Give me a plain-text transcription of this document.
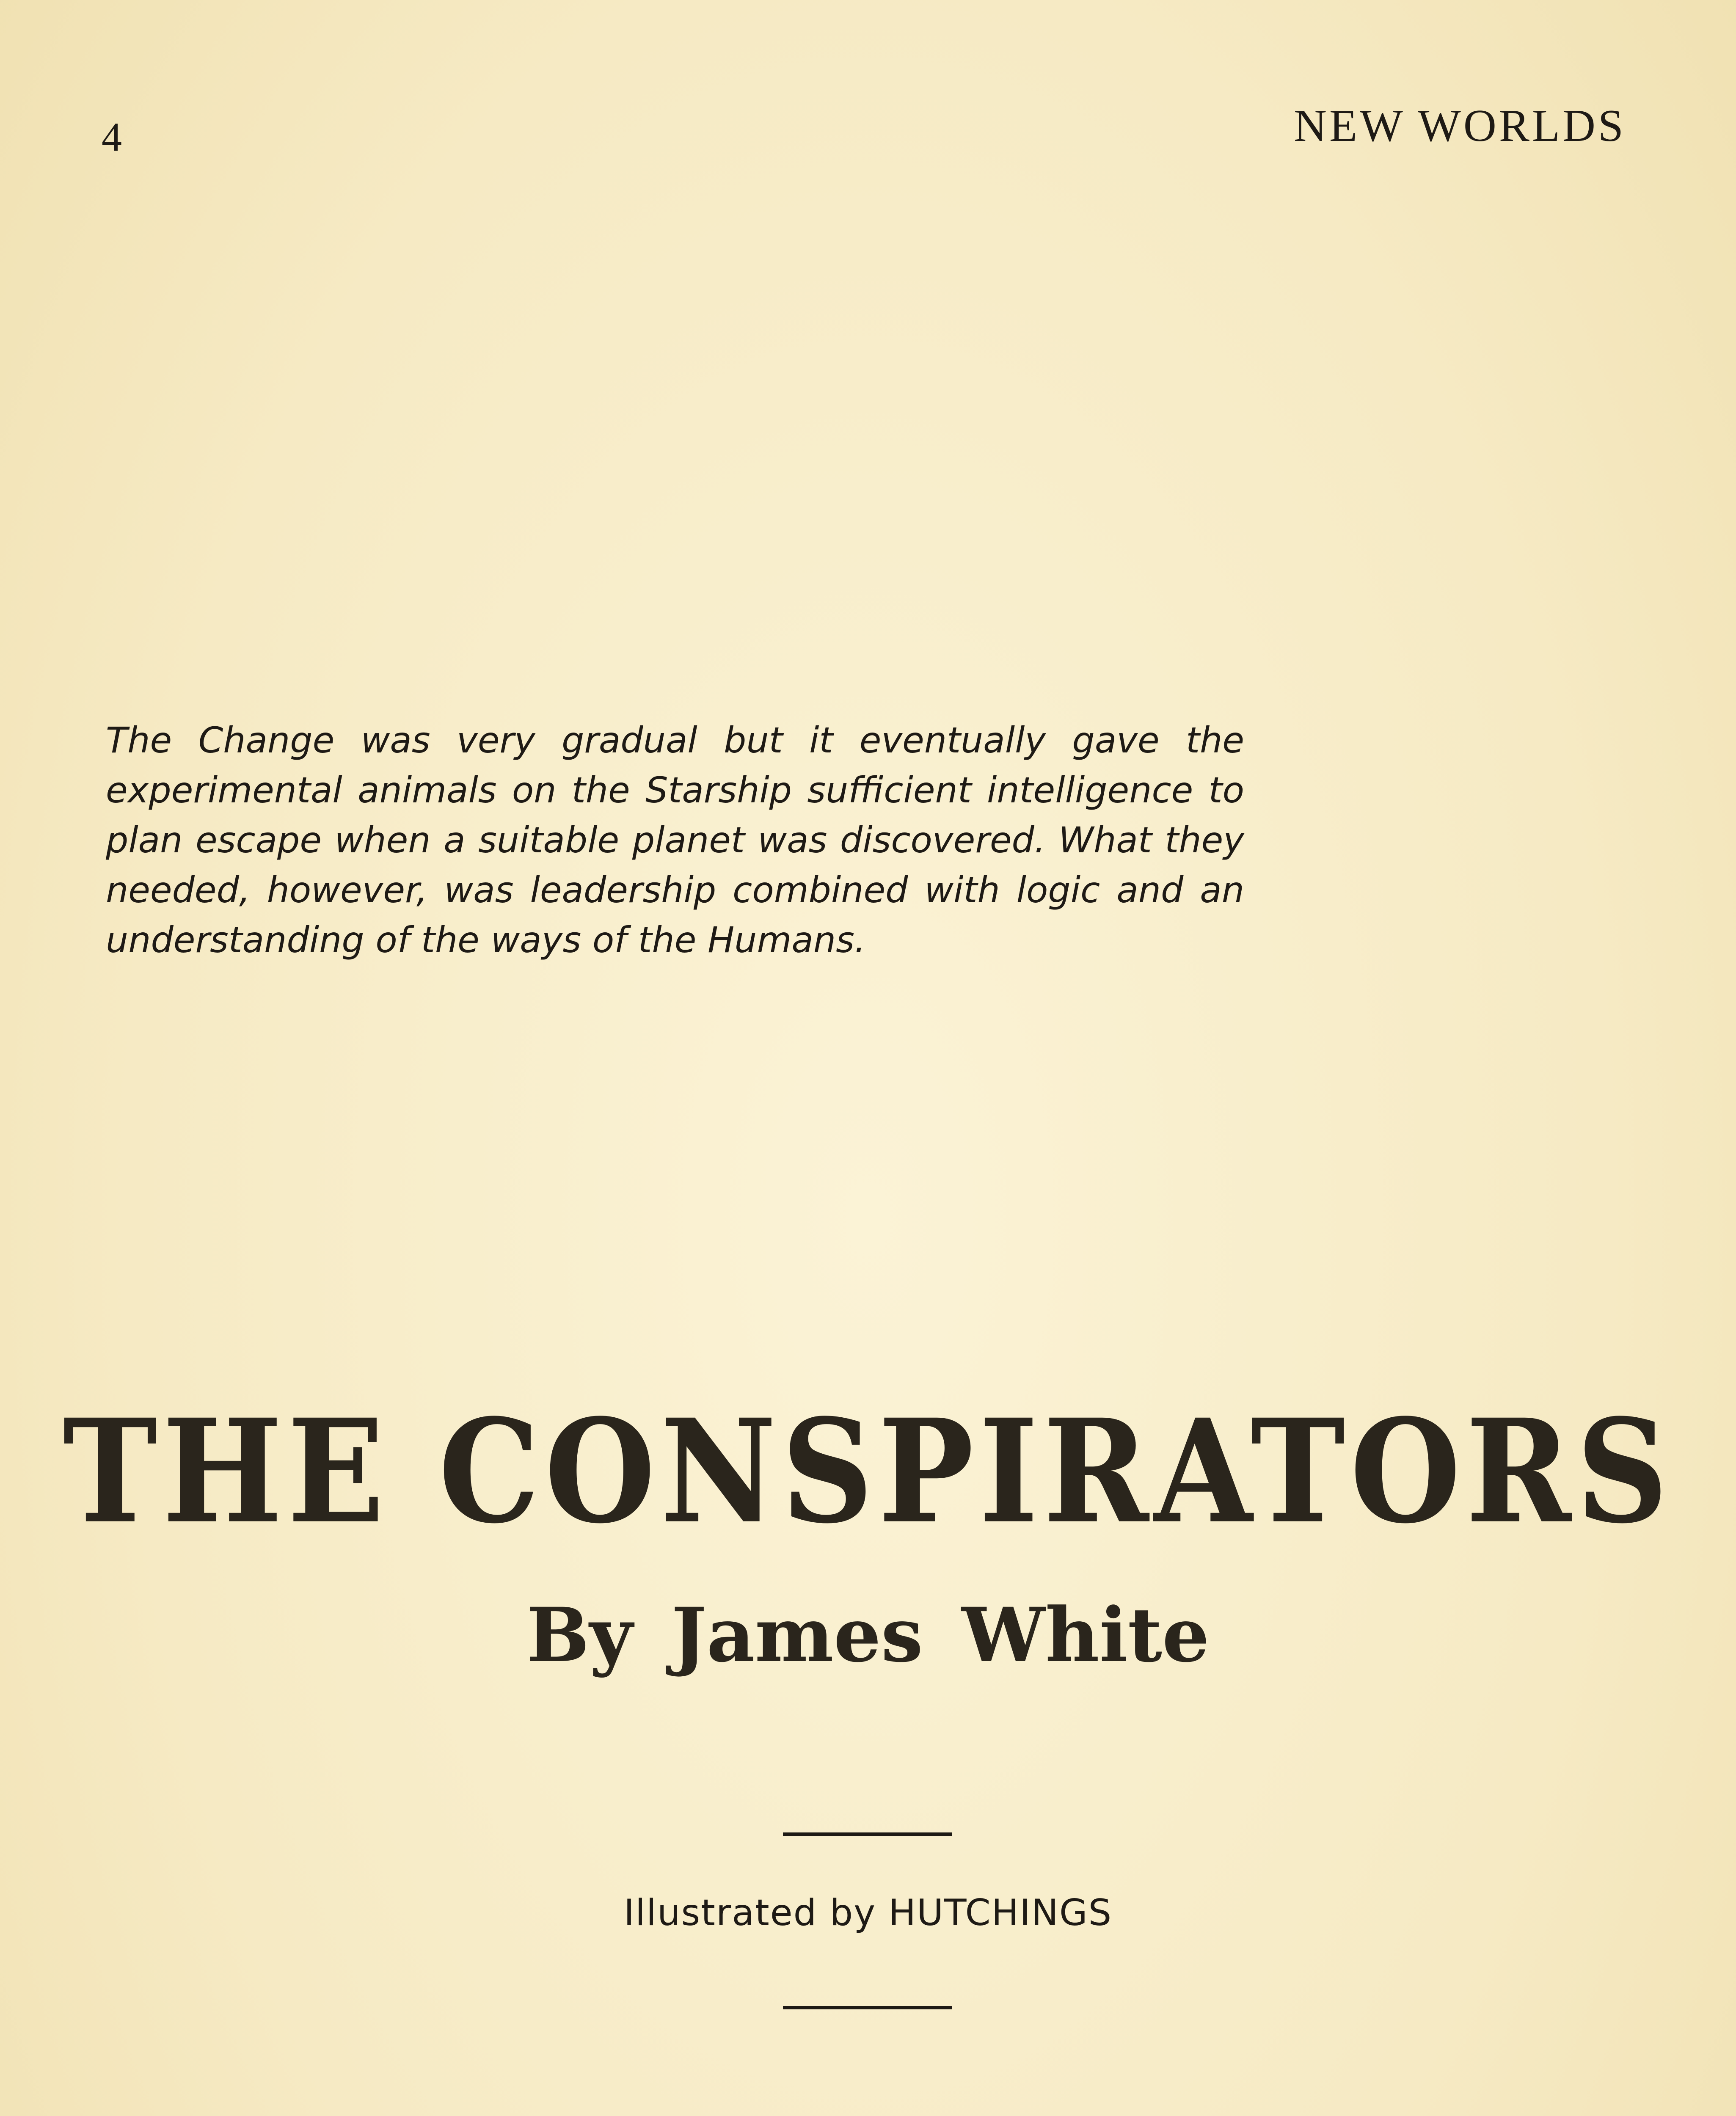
4	NEW WORLDS
The Change was very gradual but it eventually gave the experimental animals on the Starship sufficient intelligence to plan escape when a suitable planet was discovered. What they needed, however, was leadership combined with logic and an understanding of the ways of the Humans.
THE CONSPIRATORS
By James White
Illustrated by HUTCHINGS
